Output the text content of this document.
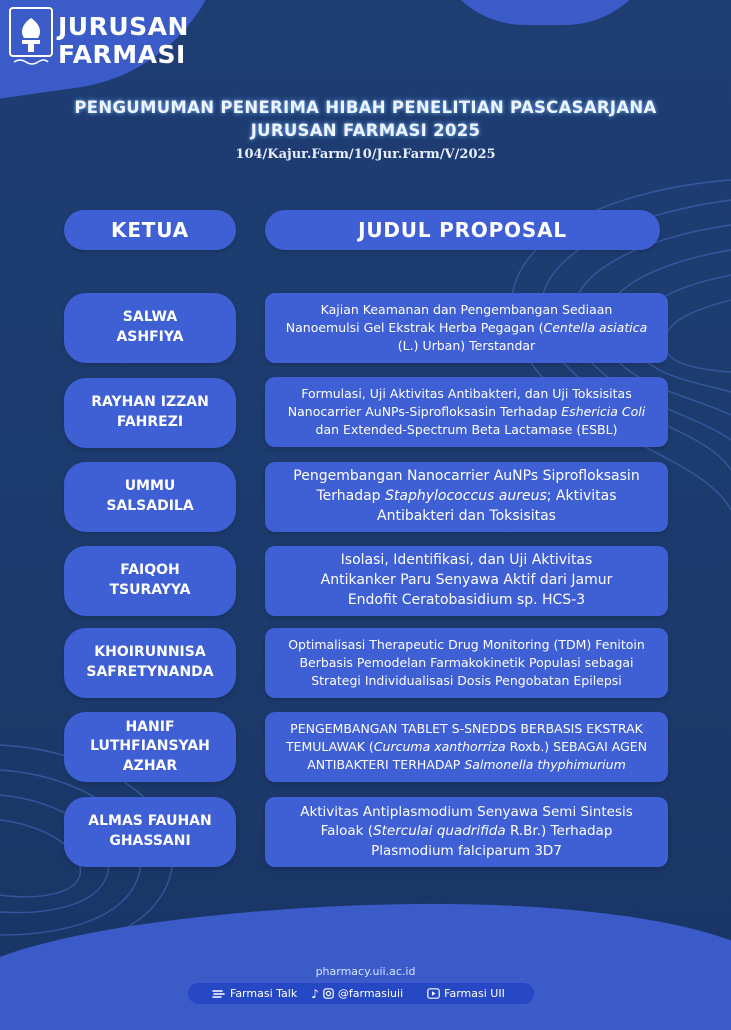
JURUSAN
FARMASI
PENGUMUMAN PENERIMA HIBAH PENELITIAN PASCASARJANA
JURUSAN FARMASI 2025
104/Kajur.Farm/10/Jur.Farm/V/2025
KETUA	JUDUL PROPOSAL
SALWA
ASHFIYA
Kajian Keamanan dan Pengembangan Sediaan Nanoemulsi Gel Ekstrak Herba Pegagan (Centella asiatica (L.) Urban) Terstandar
RAYHAN IZZAN
FAHREZI
Formulasi, Uji Aktivitas Antibakteri, dan Uji Toksisitas Nanocarrier AuNPs-Siprofloksasin Terhadap Eshericia Coli dan Extended-Spectrum Beta Lactamase (ESBL)
UMMU
SALSADILA
Pengembangan Nanocarrier AuNPs Siprofloksasin Terhadap Staphylococcus aureus; Aktivitas Antibakteri dan Toksisitas
FAIQOH
TSURAYYA
Isolasi, Identifikasi, dan Uji Aktivitas Antikanker Paru Senyawa Aktif dari Jamur Endofit Ceratobasidium sp. HCS-3
KHOIRUNNISA
SAFRETYNANDA
Optimalisasi Therapeutic Drug Monitoring (TDM) Fenitoin Berbasis Pemodelan Farmakokinetik Populasi sebagai Strategi Individualisasi Dosis Pengobatan Epilepsi
HANIF
LUTHFIANSYAH
AZHAR
PENGEMBANGAN TABLET S-SNEDDS BERBASIS EKSTRAK TEMULAWAK (Curcuma xanthorriza Roxb.) SEBAGAI AGEN ANTIBAKTERI TERHADAP Salmonella thyphimurium
ALMAS FAUHAN
GHASSANI
Aktivitas Antiplasmodium Senyawa Semi Sintesis Faloak (Sterculai quadrifida R.Br.) Terhadap Plasmodium falciparum 3D7
pharmacy.uii.ac.id
Farmasi Talk ♪ @farmasiuii	Farmasi UII
